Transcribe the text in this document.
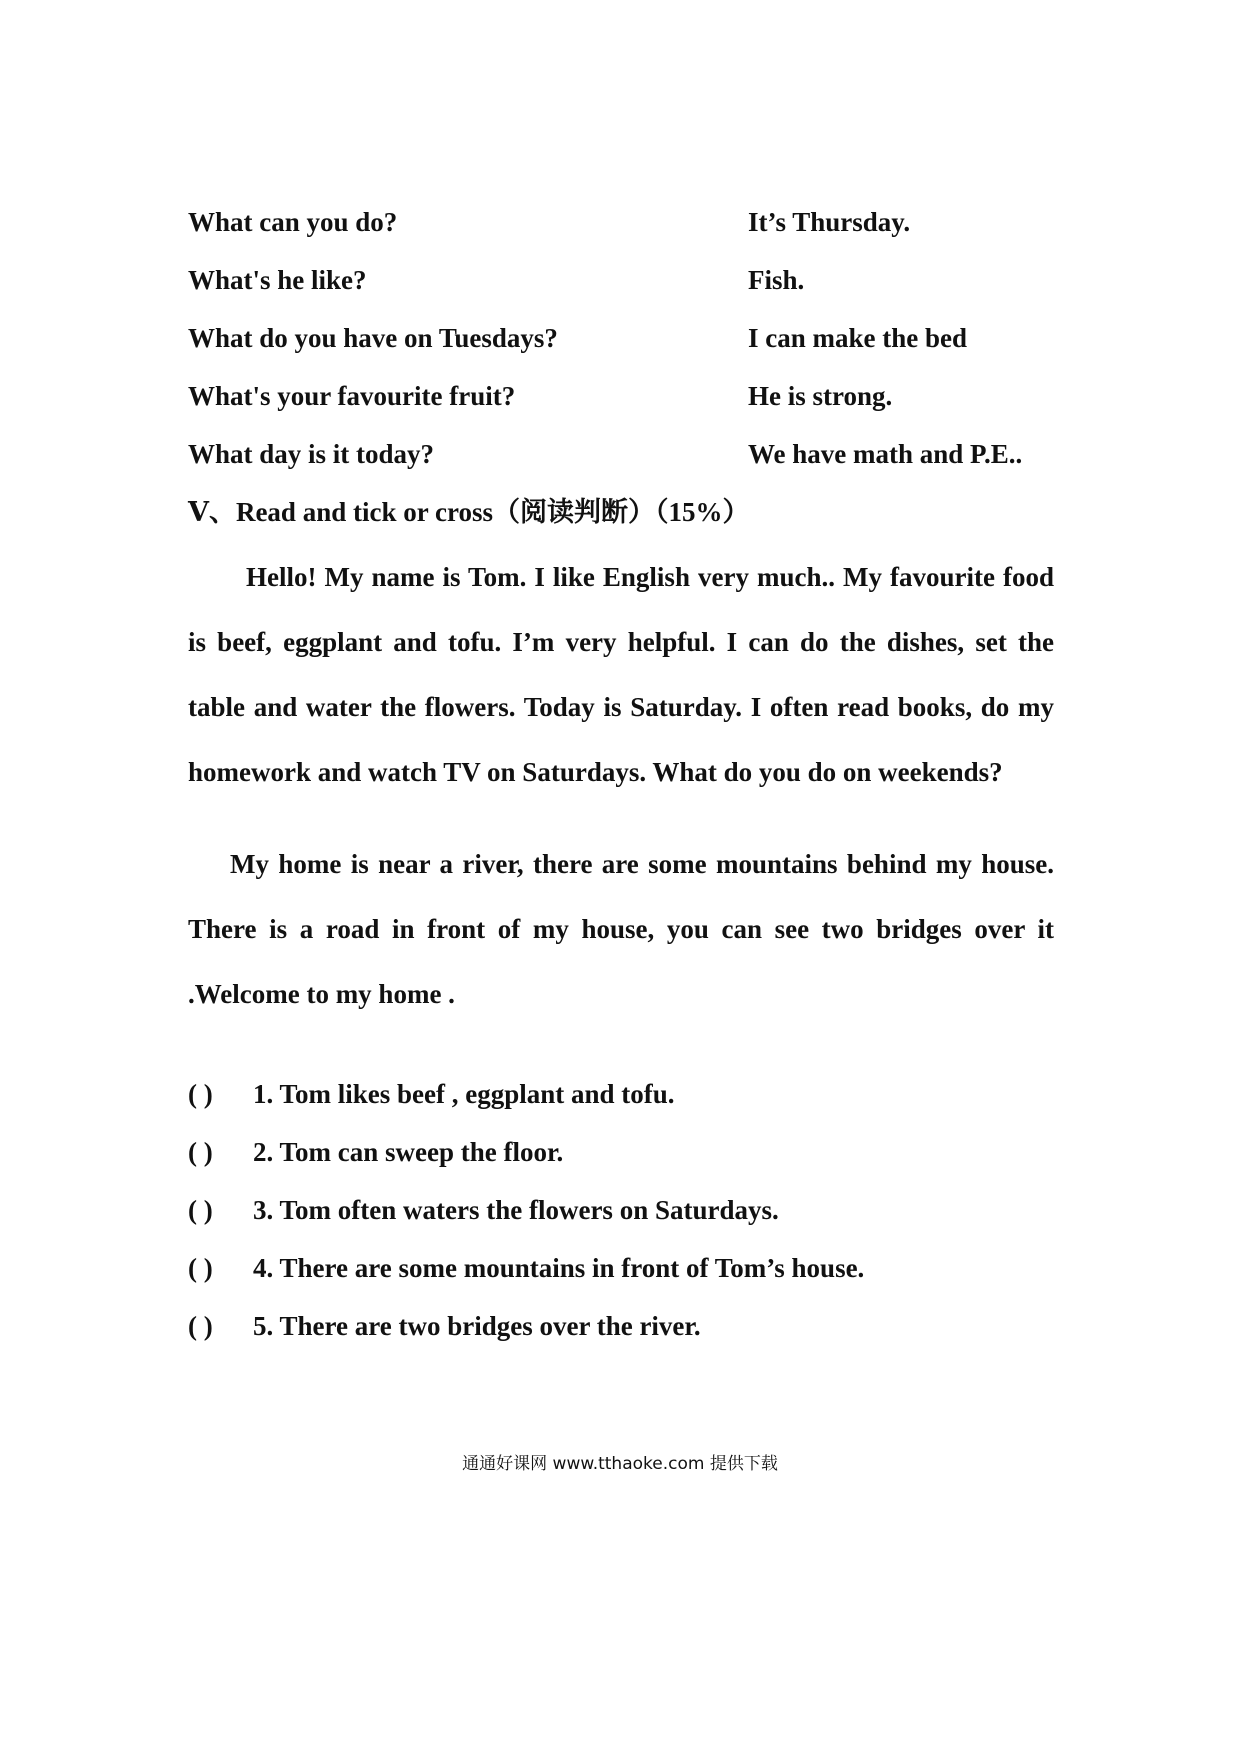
What can you do?	It’s Thursday.
What's he like?	Fish.
What do you have on Tuesdays?	I can make the bed
What's your favourite fruit?	He is strong.
What day is it today?	We have math and P.E..
Ⅴ、Read and tick or cross（阅读判断）（15%）

Hello! My name is Tom. I like English very much.. My favourite food is beef, eggplant and tofu. I’m very helpful. I can do the dishes, set the table and water the flowers. Today is Saturday. I often read books, do my homework and watch TV on Saturdays. What do you do on weekends?

My home is near a river, there are some mountains behind my house. There is a road in front of my house, you can see two bridges over it .Welcome to my home .

( ) 1. Tom likes beef , eggplant and tofu.
( ) 2. Tom can sweep the floor.
( ) 3. Tom often waters the flowers on Saturdays.
( ) 4. There are some mountains in front of Tom’s house.
( ) 5. There are two bridges over the river.
通通好课网 www.tthaoke.com 提供下载
